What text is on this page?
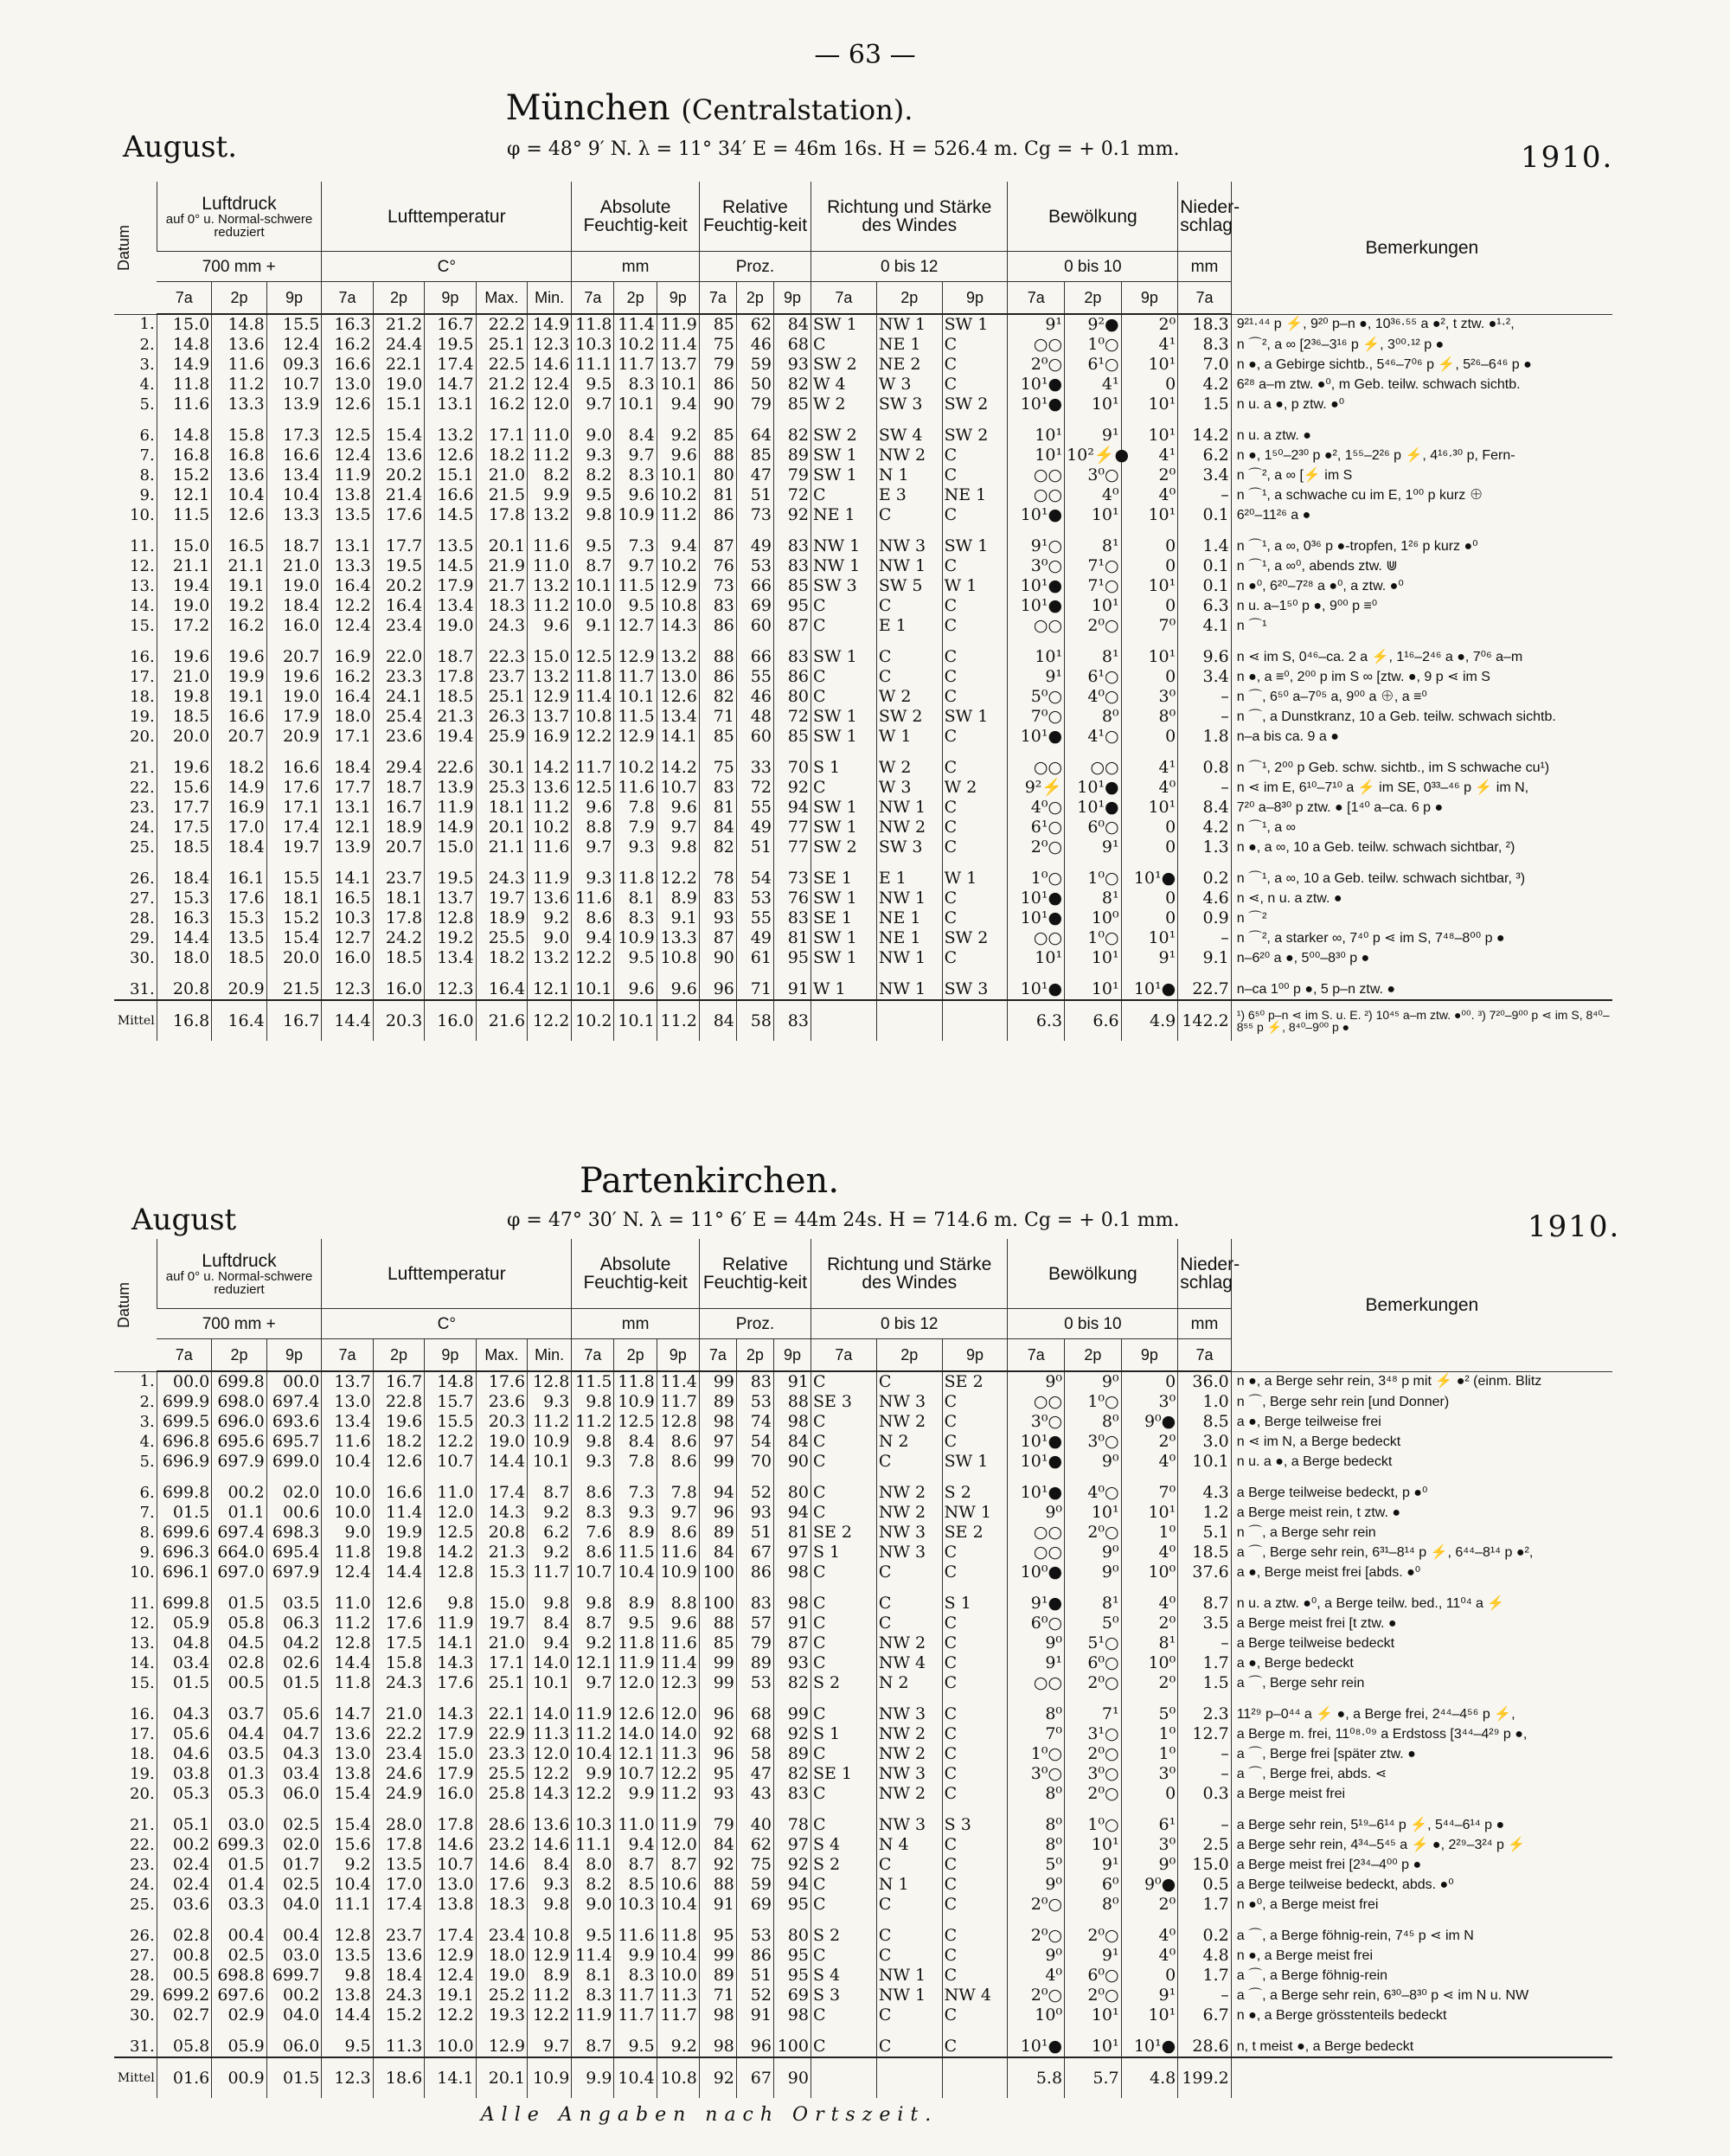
— 63 —
München (Centralstation).
August.	φ = 48° 9′ N. λ = 11° 34′ E = 46m 16s. H = 526.4 m. Cg = + 0.1 mm.	1910.
Datum	Luftdruck
auf 0° u. Normal-schwere reduziert			Lufttemperatur					Absolute Feuchtig-keit			Relative Feuchtig-keit			Richtung und Stärke des Windes			Bewölkung			Nieder-schlag	Bemerkungen
	700 mm +			C°					mm			Proz.			0 bis 12			0 bis 10			mm	
	7a	2p	9p	7a	2p	9p	Max.	Min.	7a	2p	9p	7a	2p	9p	7a	2p	9p	7a	2p	9p	7a	
1.	15.0	14.8	15.5	16.3	21.2	16.7	22.2	14.9	11.8	11.4	11.9	85	62	84	SW 1	NW 1	SW 1	9¹	9²●	2⁰	18.3	9²¹·⁴⁴ p ⚡, 9²⁰ p–n ●, 10³⁶·⁵⁵ a ●², t ztw. ●¹·²,
2.	14.8	13.6	12.4	16.2	24.4	19.5	25.1	12.3	10.3	10.2	11.4	75	46	68	C	NE 1	C	○○	1⁰○	4¹	8.3	n ⌒², a ∞ [2³⁶–3¹⁶ p ⚡, 3⁰⁰·¹² p ●
3.	14.9	11.6	09.3	16.6	22.1	17.4	22.5	14.6	11.1	11.7	13.7	79	59	93	SW 2	NE 2	C	2⁰○	6¹○	10¹	7.0	n ●, a Gebirge sichtb., 5⁴⁶–7⁰⁶ p ⚡, 5²⁶–6⁴⁶ p ●
4.	11.8	11.2	10.7	13.0	19.0	14.7	21.2	12.4	9.5	8.3	10.1	86	50	82	W 4	W 3	C	10¹●	4¹	0	4.2	6²⁸ a–m ztw. ●⁰, m Geb. teilw. schwach sichtb.
5.	11.6	13.3	13.9	12.6	15.1	13.1	16.2	12.0	9.7	10.1	9.4	90	79	85	W 2	SW 3	SW 2	10¹●	10¹	10¹	1.5	n u. a ●, p ztw. ●⁰
6.	14.8	15.8	17.3	12.5	15.4	13.2	17.1	11.0	9.0	8.4	9.2	85	64	82	SW 2	SW 4	SW 2	10¹	9¹	10¹	14.2	n u. a ztw. ●
7.	16.8	16.8	16.6	12.4	13.6	12.6	18.2	11.2	9.3	9.7	9.6	88	85	89	SW 1	NW 2	C	10¹	10²⚡●	4¹	6.2	n ●, 1⁵⁰–2³⁰ p ●², 1⁵⁵–2²⁶ p ⚡, 4¹⁶·³⁰ p, Fern-
8.	15.2	13.6	13.4	11.9	20.2	15.1	21.0	8.2	8.2	8.3	10.1	80	47	79	SW 1	N 1	C	○○	3⁰○	2⁰	3.4	n ⌒², a ∞ [⚡ im S
9.	12.1	10.4	10.4	13.8	21.4	16.6	21.5	9.9	9.5	9.6	10.2	81	51	72	C	E 3	NE 1	○○	4⁰	4⁰	–	n ⌒¹, a schwache cu im E, 1⁰⁰ p kurz ⊕
10.	11.5	12.6	13.3	13.5	17.6	14.5	17.8	13.2	9.8	10.9	11.2	86	73	92	NE 1	C	C	10¹●	10¹	10¹	0.1	6²⁰–11²⁶ a ●
11.	15.0	16.5	18.7	13.1	17.7	13.5	20.1	11.6	9.5	7.3	9.4	87	49	83	NW 1	NW 3	SW 1	9¹○	8¹	0	1.4	n ⌒¹, a ∞, 0³⁶ p ●-tropfen, 1²⁶ p kurz ●⁰
12.	21.1	21.1	21.0	13.3	19.5	14.5	21.9	11.0	8.7	9.7	10.2	76	53	83	NW 1	NW 1	C	3⁰○	7¹○	0	0.1	n ⌒¹, a ∞⁰, abends ztw. ⋓
13.	19.4	19.1	19.0	16.4	20.2	17.9	21.7	13.2	10.1	11.5	12.9	73	66	85	SW 3	SW 5	W 1	10¹●	7¹○	10¹	0.1	n ●⁰, 6²⁰–7²⁸ a ●⁰, a ztw. ●⁰
14.	19.0	19.2	18.4	12.2	16.4	13.4	18.3	11.2	10.0	9.5	10.8	83	69	95	C	C	C	10¹●	10¹	0	6.3	n u. a–1⁵⁰ p ●, 9⁰⁰ p ≡⁰
15.	17.2	16.2	16.0	12.4	23.4	19.0	24.3	9.6	9.1	12.7	14.3	86	60	87	C	E 1	C	○○	2⁰○	7⁰	4.1	n ⌒¹
16.	19.6	19.6	20.7	16.9	22.0	18.7	22.3	15.0	12.5	12.9	13.2	88	66	83	SW 1	C	C	10¹	8¹	10¹	9.6	n ⋖ im S, 0⁴⁶–ca. 2 a ⚡, 1¹⁶–2⁴⁶ a ●, 7⁰⁶ a–m
17.	21.0	19.9	19.6	16.2	23.3	17.8	23.7	13.2	11.8	11.7	13.0	86	55	86	C	C	C	9¹	6¹○	0	3.4	n ●, a ≡⁰, 2⁰⁰ p im S ∞ [ztw. ●, 9 p ⋖ im S
18.	19.8	19.1	19.0	16.4	24.1	18.5	25.1	12.9	11.4	10.1	12.6	82	46	80	C	W 2	C	5⁰○	4⁰○	3⁰	–	n ⌒, 6⁵⁰ a–7⁰⁵ a, 9⁰⁰ a ⊕, a ≡⁰
19.	18.5	16.6	17.9	18.0	25.4	21.3	26.3	13.7	10.8	11.5	13.4	71	48	72	SW 1	SW 2	SW 1	7⁰○	8⁰	8⁰	–	n ⌒, a Dunstkranz, 10 a Geb. teilw. schwach sichtb.
20.	20.0	20.7	20.9	17.1	23.6	19.4	25.9	16.9	12.2	12.9	14.1	85	60	85	SW 1	W 1	C	10¹●	4¹○	0	1.8	n–a bis ca. 9 a ●
21.	19.6	18.2	16.6	18.4	29.4	22.6	30.1	14.2	11.7	10.2	14.2	75	33	70	S 1	W 2	C	○○	○○	4¹	0.8	n ⌒¹, 2⁰⁰ p Geb. schw. sichtb., im S schwache cu¹)
22.	15.6	14.9	17.6	17.7	18.7	13.9	25.3	13.6	12.5	11.6	10.7	83	72	92	C	W 3	W 2	9²⚡	10¹●	4⁰	–	n ⋖ im E, 6¹⁰–7¹⁰ a ⚡ im SE, 0³³–⁴⁶ p ⚡ im N,
23.	17.7	16.9	17.1	13.1	16.7	11.9	18.1	11.2	9.6	7.8	9.6	81	55	94	SW 1	NW 1	C	4⁰○	10¹●	10¹	8.4	7²⁰ a–8³⁰ p ztw. ● [1⁴⁰ a–ca. 6 p ●
24.	17.5	17.0	17.4	12.1	18.9	14.9	20.1	10.2	8.8	7.9	9.7	84	49	77	SW 1	NW 2	C	6¹○	6⁰○	0	4.2	n ⌒¹, a ∞
25.	18.5	18.4	19.7	13.9	20.7	15.0	21.1	11.6	9.7	9.3	9.8	82	51	77	SW 2	SW 3	C	2⁰○	9¹	0	1.3	n ●, a ∞, 10 a Geb. teilw. schwach sichtbar, ²)
26.	18.4	16.1	15.5	14.1	23.7	19.5	24.3	11.9	9.3	11.8	12.2	78	54	73	SE 1	E 1	W 1	1⁰○	1⁰○	10¹●	0.2	n ⌒¹, a ∞, 10 a Geb. teilw. schwach sichtbar, ³)
27.	15.3	17.6	18.1	16.5	18.1	13.7	19.7	13.6	11.6	8.1	8.9	83	53	76	SW 1	NW 1	C	10¹●	8¹	0	4.6	n ⋖, n u. a ztw. ●
28.	16.3	15.3	15.2	10.3	17.8	12.8	18.9	9.2	8.6	8.3	9.1	93	55	83	SE 1	NE 1	C	10¹●	10⁰	0	0.9	n ⌒²
29.	14.4	13.5	15.4	12.7	24.2	19.2	25.5	9.0	9.4	10.9	13.3	87	49	81	SW 1	NE 1	SW 2	○○	1⁰○	10¹	–	n ⌒², a starker ∞, 7⁴⁰ p ⋖ im S, 7⁴⁸–8⁰⁰ p ●
30.	18.0	18.5	20.0	16.0	18.5	13.4	18.2	13.2	12.2	9.5	10.8	90	61	95	SW 1	NW 1	C	10¹	10¹	9¹	9.1	n–6²⁰ a ●, 5⁰⁰–8³⁰ p ●
31.	20.8	20.9	21.5	12.3	16.0	12.3	16.4	12.1	10.1	9.6	9.6	96	71	91	W 1	NW 1	SW 3	10¹●	10¹	10¹●	22.7	n–ca 1⁰⁰ p ●, 5 p–n ztw. ●
Mittel	16.8	16.4	16.7	14.4	20.3	16.0	21.6	12.2	10.2	10.1	11.2	84	58	83				6.3	6.6	4.9	142.2	¹) 6⁵⁰ p–n ⋖ im S. u. E. ²) 10⁴⁵ a–m ztw. ●⁰⁰. ³) 7²⁰–9⁰⁰ p ⋖ im S, 8⁴⁰–8⁵⁵ p ⚡, 8⁴⁰–9⁰⁰ p ●
Partenkirchen.
August	φ = 47° 30′ N. λ = 11° 6′ E = 44m 24s. H = 714.6 m. Cg = + 0.1 mm.	1910.
Datum	Luftdruck
auf 0° u. Normal-schwere reduziert			Lufttemperatur					Absolute Feuchtig-keit			Relative Feuchtig-keit			Richtung und Stärke des Windes			Bewölkung			Nieder-schlag	Bemerkungen
	700 mm +			C°					mm			Proz.			0 bis 12			0 bis 10			mm	
	7a	2p	9p	7a	2p	9p	Max.	Min.	7a	2p	9p	7a	2p	9p	7a	2p	9p	7a	2p	9p	7a	
1.	00.0	699.8	00.0	13.7	16.7	14.8	17.6	12.8	11.5	11.8	11.4	99	83	91	C	C	SE 2	9⁰	9⁰	0	36.0	n ●, a Berge sehr rein, 3⁴⁸ p mit ⚡ ●² (einm. Blitz
2.	699.9	698.0	697.4	13.0	22.8	15.7	23.6	9.3	9.8	10.9	11.7	89	53	88	SE 3	NW 3	C	○○	1⁰○	3⁰	1.0	n ⌒, Berge sehr rein [und Donner)
3.	699.5	696.0	693.6	13.4	19.6	15.5	20.3	11.2	11.2	12.5	12.8	98	74	98	C	NW 2	C	3⁰○	8⁰	9⁰●	8.5	a ●, Berge teilweise frei
4.	696.8	695.6	695.7	11.6	18.2	12.2	19.0	10.9	9.8	8.4	8.6	97	54	84	C	N 2	C	10¹●	3⁰○	2⁰	3.0	n ⋖ im N, a Berge bedeckt
5.	696.9	697.9	699.0	10.4	12.6	10.7	14.4	10.1	9.3	7.8	8.6	99	70	90	C	C	SW 1	10¹●	9⁰	4⁰	10.1	n u. a ●, a Berge bedeckt
6.	699.8	00.2	02.0	10.0	16.6	11.0	17.4	8.7	8.6	7.3	7.8	94	52	80	C	NW 2	S 2	10¹●	4⁰○	7⁰	4.3	a Berge teilweise bedeckt, p ●⁰
7.	01.5	01.1	00.6	10.0	11.4	12.0	14.3	9.2	8.3	9.3	9.7	96	93	94	C	NW 2	NW 1	9⁰	10¹	10¹	1.2	a Berge meist rein, t ztw. ●
8.	699.6	697.4	698.3	9.0	19.9	12.5	20.8	6.2	7.6	8.9	8.6	89	51	81	SE 2	NW 3	SE 2	○○	2⁰○	1⁰	5.1	n ⌒, a Berge sehr rein
9.	696.3	664.0	695.4	11.8	19.8	14.2	21.3	9.2	8.6	11.5	11.6	84	67	97	S 1	NW 3	C	○○	9⁰	4⁰	18.5	a ⌒, Berge sehr rein, 6³¹–8¹⁴ p ⚡, 6⁴⁴–8¹⁴ p ●²,
10.	696.1	697.0	697.9	12.4	14.4	12.8	15.3	11.7	10.7	10.4	10.9	100	86	98	C	C	C	10⁰●	9⁰	10⁰	37.6	a ●, Berge meist frei [abds. ●⁰
11.	699.8	01.5	03.5	11.0	12.6	9.8	15.0	9.8	9.8	8.9	8.8	100	83	98	C	C	S 1	9¹●	8¹	4⁰	8.7	n u. a ztw. ●⁰, a Berge teilw. bed., 11⁰⁴ a ⚡
12.	05.9	05.8	06.3	11.2	17.6	11.9	19.7	8.4	8.7	9.5	9.6	88	57	91	C	C	C	6⁰○	5⁰	2⁰	3.5	a Berge meist frei [t ztw. ●
13.	04.8	04.5	04.2	12.8	17.5	14.1	21.0	9.4	9.2	11.8	11.6	85	79	87	C	NW 2	C	9⁰	5¹○	8¹	–	a Berge teilweise bedeckt
14.	03.4	02.8	02.6	14.4	15.8	14.3	17.1	14.0	12.1	11.9	11.4	99	89	93	C	NW 4	C	9¹	6⁰○	10⁰	1.7	a ●, Berge bedeckt
15.	01.5	00.5	01.5	11.8	24.3	17.6	25.1	10.1	9.7	12.0	12.3	99	53	82	S 2	N 2	C	○○	2⁰○	2⁰	1.5	a ⌒, Berge sehr rein
16.	04.3	03.7	05.6	14.7	21.0	14.3	22.1	14.0	11.9	12.6	12.0	96	68	99	C	NW 3	C	8⁰	7¹	5⁰	2.3	11²⁹ p–0⁴⁴ a ⚡ ●, a Berge frei, 2⁴⁴–4⁵⁶ p ⚡,
17.	05.6	04.4	04.7	13.6	22.2	17.9	22.9	11.3	11.2	14.0	14.0	92	68	92	S 1	NW 2	C	7⁰	3¹○	1⁰	12.7	a Berge m. frei, 11⁰⁸·⁰⁹ a Erdstoss [3⁴⁴–4²⁹ p ●,
18.	04.6	03.5	04.3	13.0	23.4	15.0	23.3	12.0	10.4	12.1	11.3	96	58	89	C	NW 2	C	1⁰○	2⁰○	1⁰	–	a ⌒, Berge frei [später ztw. ●
19.	03.8	01.3	03.4	13.8	24.6	17.9	25.5	12.2	9.9	10.7	12.2	95	47	82	SE 1	NW 3	C	3⁰○	3⁰○	3⁰	–	a ⌒, Berge frei, abds. ⋖
20.	05.3	05.3	06.0	15.4	24.9	16.0	25.8	14.3	12.2	9.9	11.2	93	43	83	C	NW 2	C	8⁰	2⁰○	0	0.3	a Berge meist frei
21.	05.1	03.0	02.5	15.4	28.0	17.8	28.6	13.6	10.3	11.0	11.9	79	40	78	C	NW 3	S 3	8⁰	1⁰○	6¹	–	a Berge sehr rein, 5¹⁹–6¹⁴ p ⚡, 5⁴⁴–6¹⁴ p ●
22.	00.2	699.3	02.0	15.6	17.8	14.6	23.2	14.6	11.1	9.4	12.0	84	62	97	S 4	N 4	C	8⁰	10¹	3⁰	2.5	a Berge sehr rein, 4³⁴–5⁴⁵ a ⚡ ●, 2²⁹–3²⁴ p ⚡
23.	02.4	01.5	01.7	9.2	13.5	10.7	14.6	8.4	8.0	8.7	8.7	92	75	92	S 2	C	C	5⁰	9¹	9⁰	15.0	a Berge meist frei [2³⁴–4⁰⁰ p ●
24.	02.4	01.4	02.5	10.4	17.0	13.0	17.6	9.3	8.2	8.5	10.6	88	59	94	C	N 1	C	9⁰	6⁰	9⁰●	0.5	a Berge teilweise bedeckt, abds. ●⁰
25.	03.6	03.3	04.0	11.1	17.4	13.8	18.3	9.8	9.0	10.3	10.4	91	69	95	C	C	C	2⁰○	8⁰	2⁰	1.7	n ●⁰, a Berge meist frei
26.	02.8	00.4	00.4	12.8	23.7	17.4	23.4	10.8	9.5	11.6	11.8	95	53	80	S 2	C	C	2⁰○	2⁰○	4⁰	0.2	a ⌒, a Berge föhnig-rein, 7⁴⁵ p ⋖ im N
27.	00.8	02.5	03.0	13.5	13.6	12.9	18.0	12.9	11.4	9.9	10.4	99	86	95	C	C	C	9⁰	9¹	4⁰	4.8	n ●, a Berge meist frei
28.	00.5	698.8	699.7	9.8	18.4	12.4	19.0	8.9	8.1	8.3	10.0	89	51	95	S 4	NW 1	C	4⁰	6⁰○	0	1.7	a ⌒, a Berge föhnig-rein
29.	699.2	697.6	00.2	13.8	24.3	19.1	25.2	11.2	8.3	11.7	11.3	71	52	69	S 3	NW 1	NW 4	2⁰○	2⁰○	9¹	–	a ⌒, a Berge sehr rein, 6³⁰–8³⁰ p ⋖ im N u. NW
30.	02.7	02.9	04.0	14.4	15.2	12.2	19.3	12.2	11.9	11.7	11.7	98	91	98	C	C	C	10⁰	10¹	10¹	6.7	n ●, a Berge grösstenteils bedeckt
31.	05.8	05.9	06.0	9.5	11.3	10.0	12.9	9.7	8.7	9.5	9.2	98	96	100	C	C	C	10¹●	10¹	10¹●	28.6	n, t meist ●, a Berge bedeckt
Mittel	01.6	00.9	01.5	12.3	18.6	14.1	20.1	10.9	9.9	10.4	10.8	92	67	90				5.8	5.7	4.8	199.2	
Alle Angaben nach Ortszeit.
